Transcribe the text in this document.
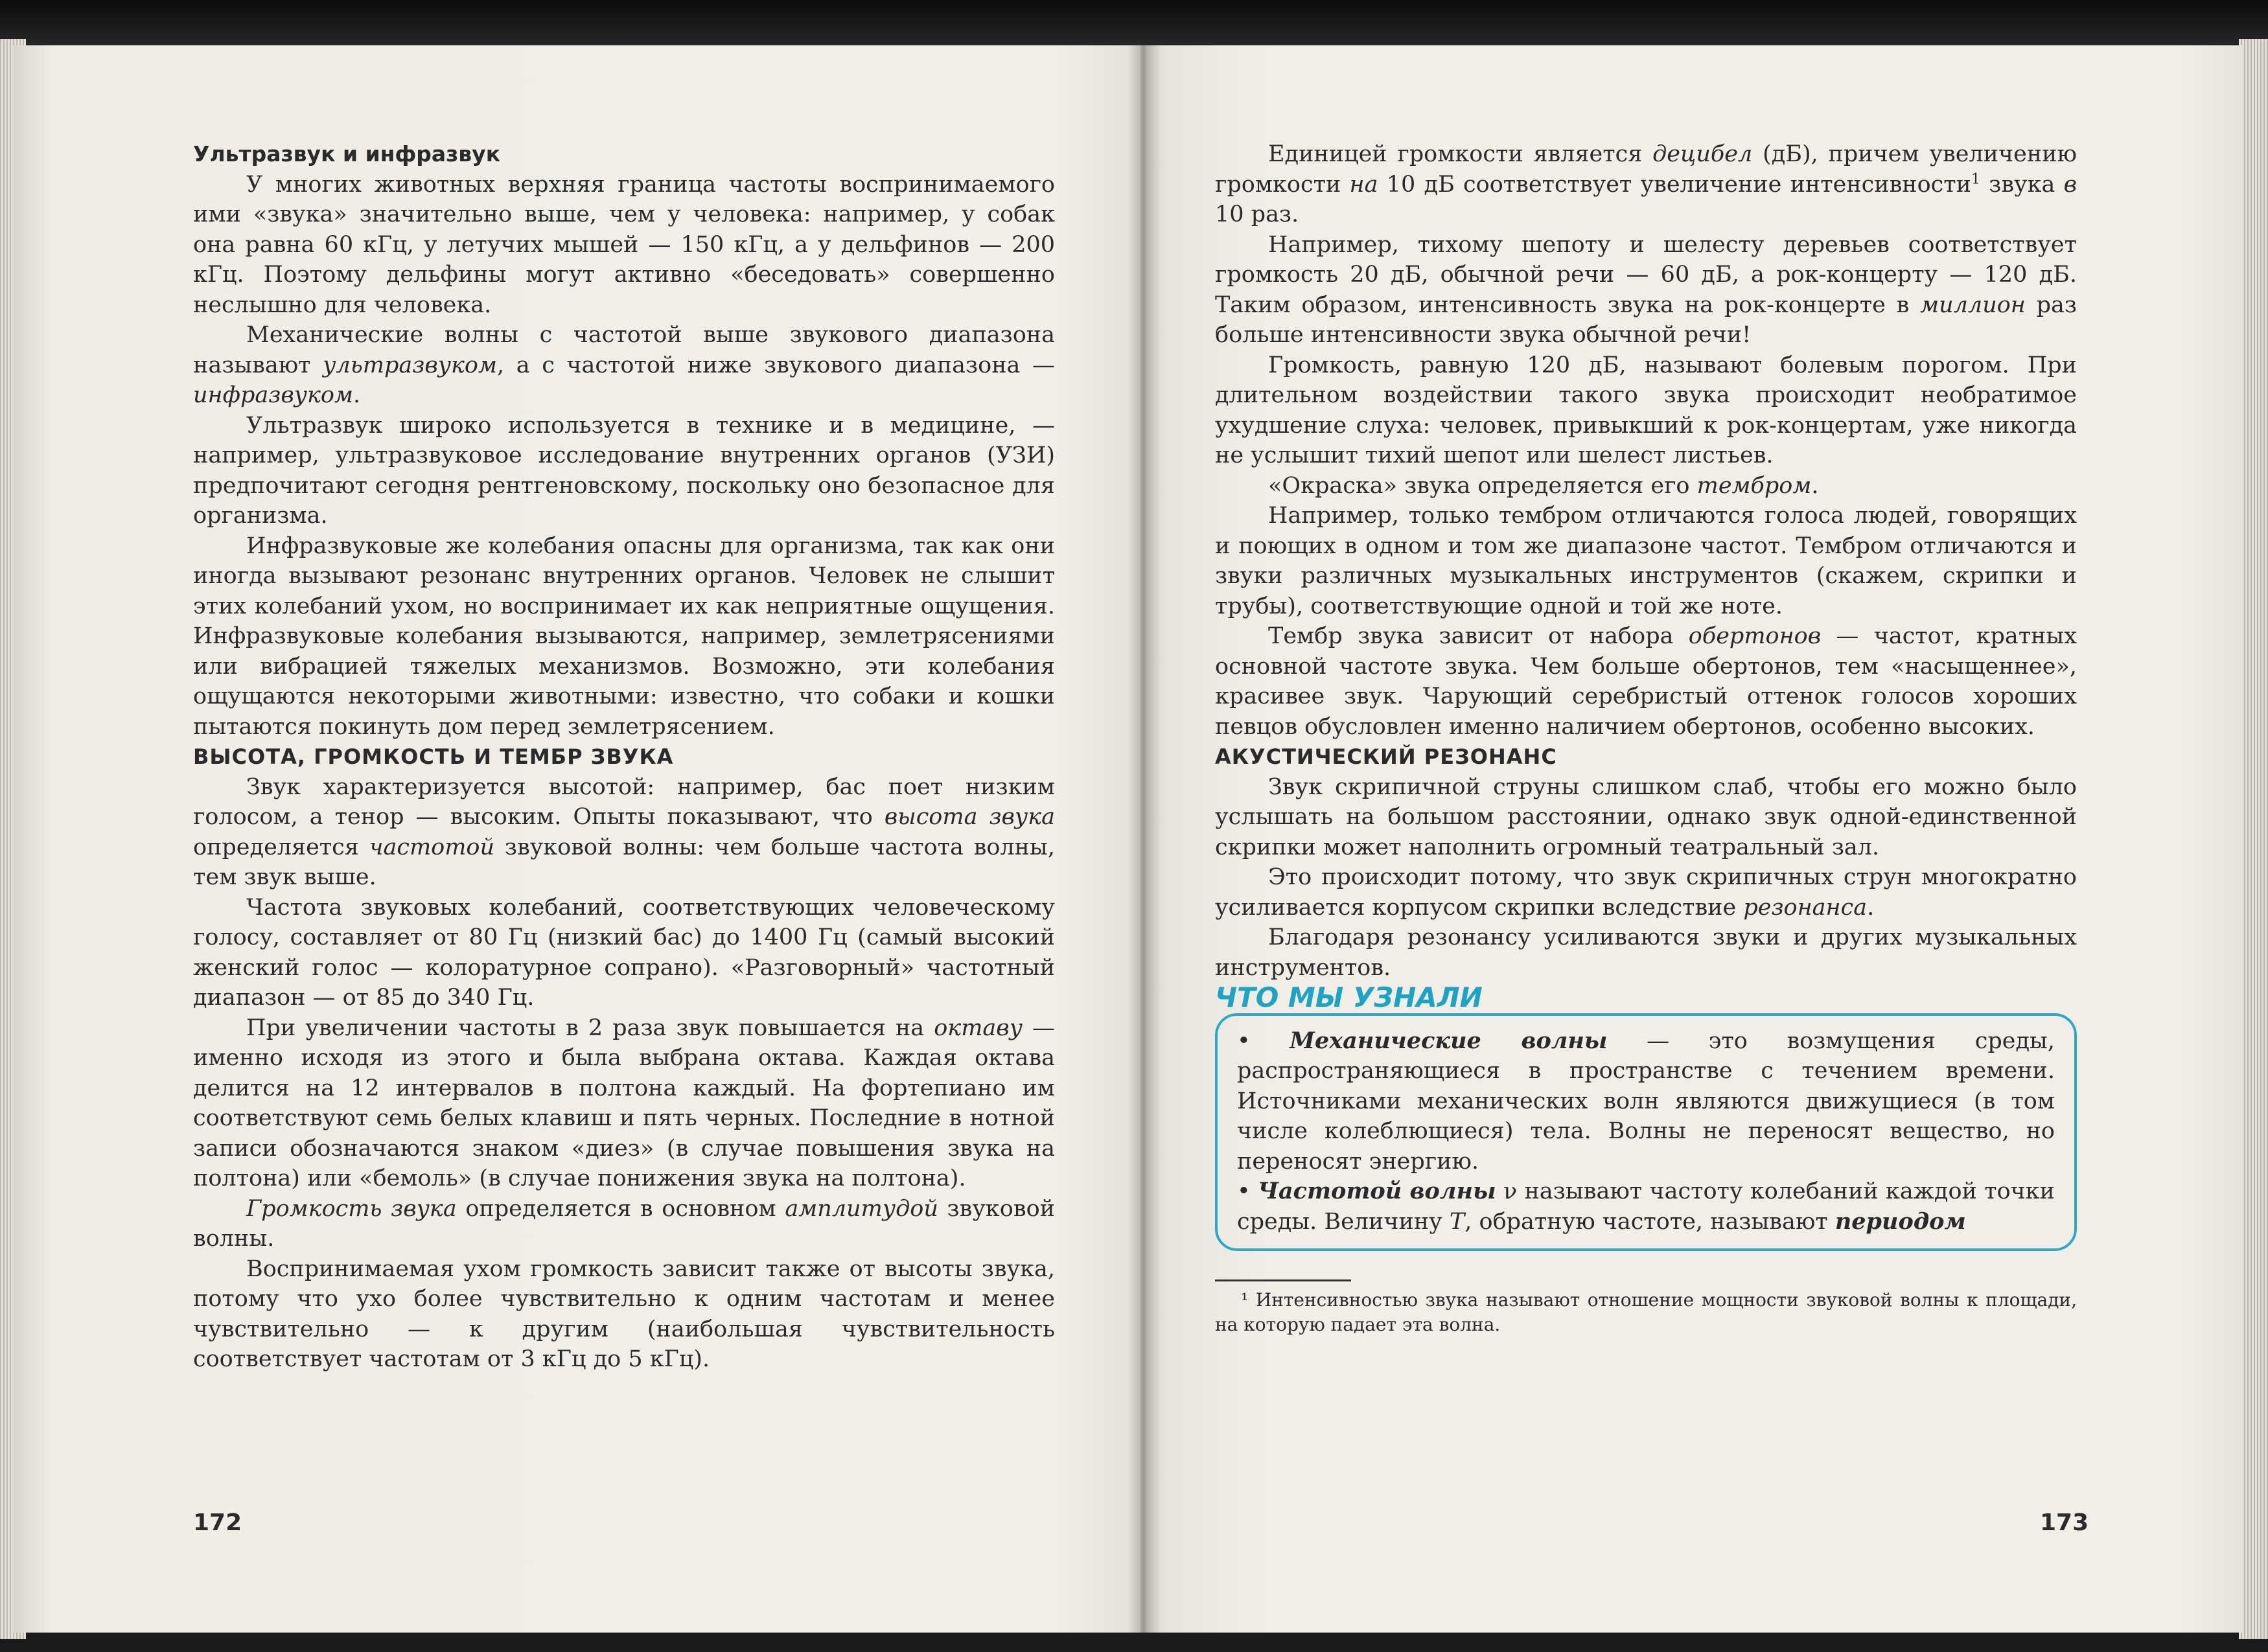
Ультразвук и инфразвук

У многих животных верхняя граница частоты воспринимаемого ими «звука» значительно выше, чем у человека: например, у собак она равна 60 кГц, у летучих мышей — 150 кГц, а у дельфинов — 200 кГц. Поэтому дельфины могут активно «беседовать» совершенно неслышно для человека.

Механические волны с частотой выше звукового диапазона называют ультразвуком, а с частотой ниже звукового диапазона — инфразвуком.

Ультразвук широко используется в технике и в медицине, — например, ультразвуковое исследование внутренних органов (УЗИ) предпочитают сегодня рентгеновскому, поскольку оно безопасное для организма.

Инфразвуковые же колебания опасны для организма, так как они иногда вызывают резонанс внутренних органов. Человек не слышит этих колебаний ухом, но воспринимает их как неприятные ощущения. Инфразвуковые колебания вызываются, например, землетрясениями или вибрацией тяжелых механизмов. Возможно, эти колебания ощущаются некоторыми животными: известно, что собаки и кошки пытаются покинуть дом перед землетрясением.

ВЫСОТА, ГРОМКОСТЬ И ТЕМБР ЗВУКА

Звук характеризуется высотой: например, бас поет низким голосом, а тенор — высоким. Опыты показывают, что высота звука определяется частотой звуковой волны: чем больше частота волны, тем звук выше.

Частота звуковых колебаний, соответствующих человеческому голосу, составляет от 80 Гц (низкий бас) до 1400 Гц (самый высокий женский голос — колоратурное сопрано). «Разговорный» частотный диапазон — от 85 до 340 Гц.

При увеличении частоты в 2 раза звук повышается на октаву — именно исходя из этого и была выбрана октава. Каждая октава делится на 12 интервалов в полтона каждый. На фортепиано им соответствуют семь белых клавиш и пять черных. Последние в нотной записи обозначаются знаком «диез» (в случае повышения звука на полтона) или «бемоль» (в случае понижения звука на полтона).

Громкость звука определяется в основном амплитудой звуковой волны.

Воспринимаемая ухом громкость зависит также от высоты звука, потому что ухо более чувствительно к одним частотам и менее чувствительно — к другим (наибольшая чувствительность соответствует частотам от 3 кГц до 5 кГц).

172

Единицей громкости является децибел (дБ), причем увеличению громкости на 10 дБ соответствует увеличение интенсивности$^1$ звука в 10 раз.

Например, тихому шепоту и шелесту деревьев соответствует громкость 20 дБ, обычной речи — 60 дБ, а рок-концерту — 120 дБ. Таким образом, интенсивность звука на рок-концерте в миллион раз больше интенсивности звука обычной речи!

Громкость, равную 120 дБ, называют болевым порогом. При длительном воздействии такого звука происходит необратимое ухудшение слуха: человек, привыкший к рок-концертам, уже никогда не услышит тихий шепот или шелест листьев.

«Окраска» звука определяется его тембром.

Например, только тембром отличаются голоса людей, говорящих и поющих в одном и том же диапазоне частот. Тембром отличаются и звуки различных музыкальных инструментов (скажем, скрипки и трубы), соответствующие одной и той же ноте.

Тембр звука зависит от набора обертонов — частот, кратных основной частоте звука. Чем больше обертонов, тем «насыщеннее», красивее звук. Чарующий серебристый оттенок голосов хороших певцов обусловлен именно наличием обертонов, особенно высоких.

АКУСТИЧЕСКИЙ РЕЗОНАНС

Звук скрипичной струны слишком слаб, чтобы его можно было услышать на большом расстоянии, однако звук одной-единственной скрипки может наполнить огромный театральный зал.

Это происходит потому, что звук скрипичных струн многократно усиливается корпусом скрипки вследствие резонанса.

Благодаря резонансу усиливаются звуки и других музыкальных инструментов.

ЧТО МЫ УЗНАЛИ

• Механические волны — это возмущения среды, распространяющиеся в пространстве с течением времени. Источниками механических волн являются движущиеся (в том числе колеблющиеся) тела. Волны не переносят вещество, но переносят энергию.

• Частотой волны ν называют частоту колебаний каждой точки среды. Величину T, обратную частоте, называют периодом

¹ Интенсивностью звука называют отношение мощности звуковой волны к площади, на которую падает эта волна.

173
